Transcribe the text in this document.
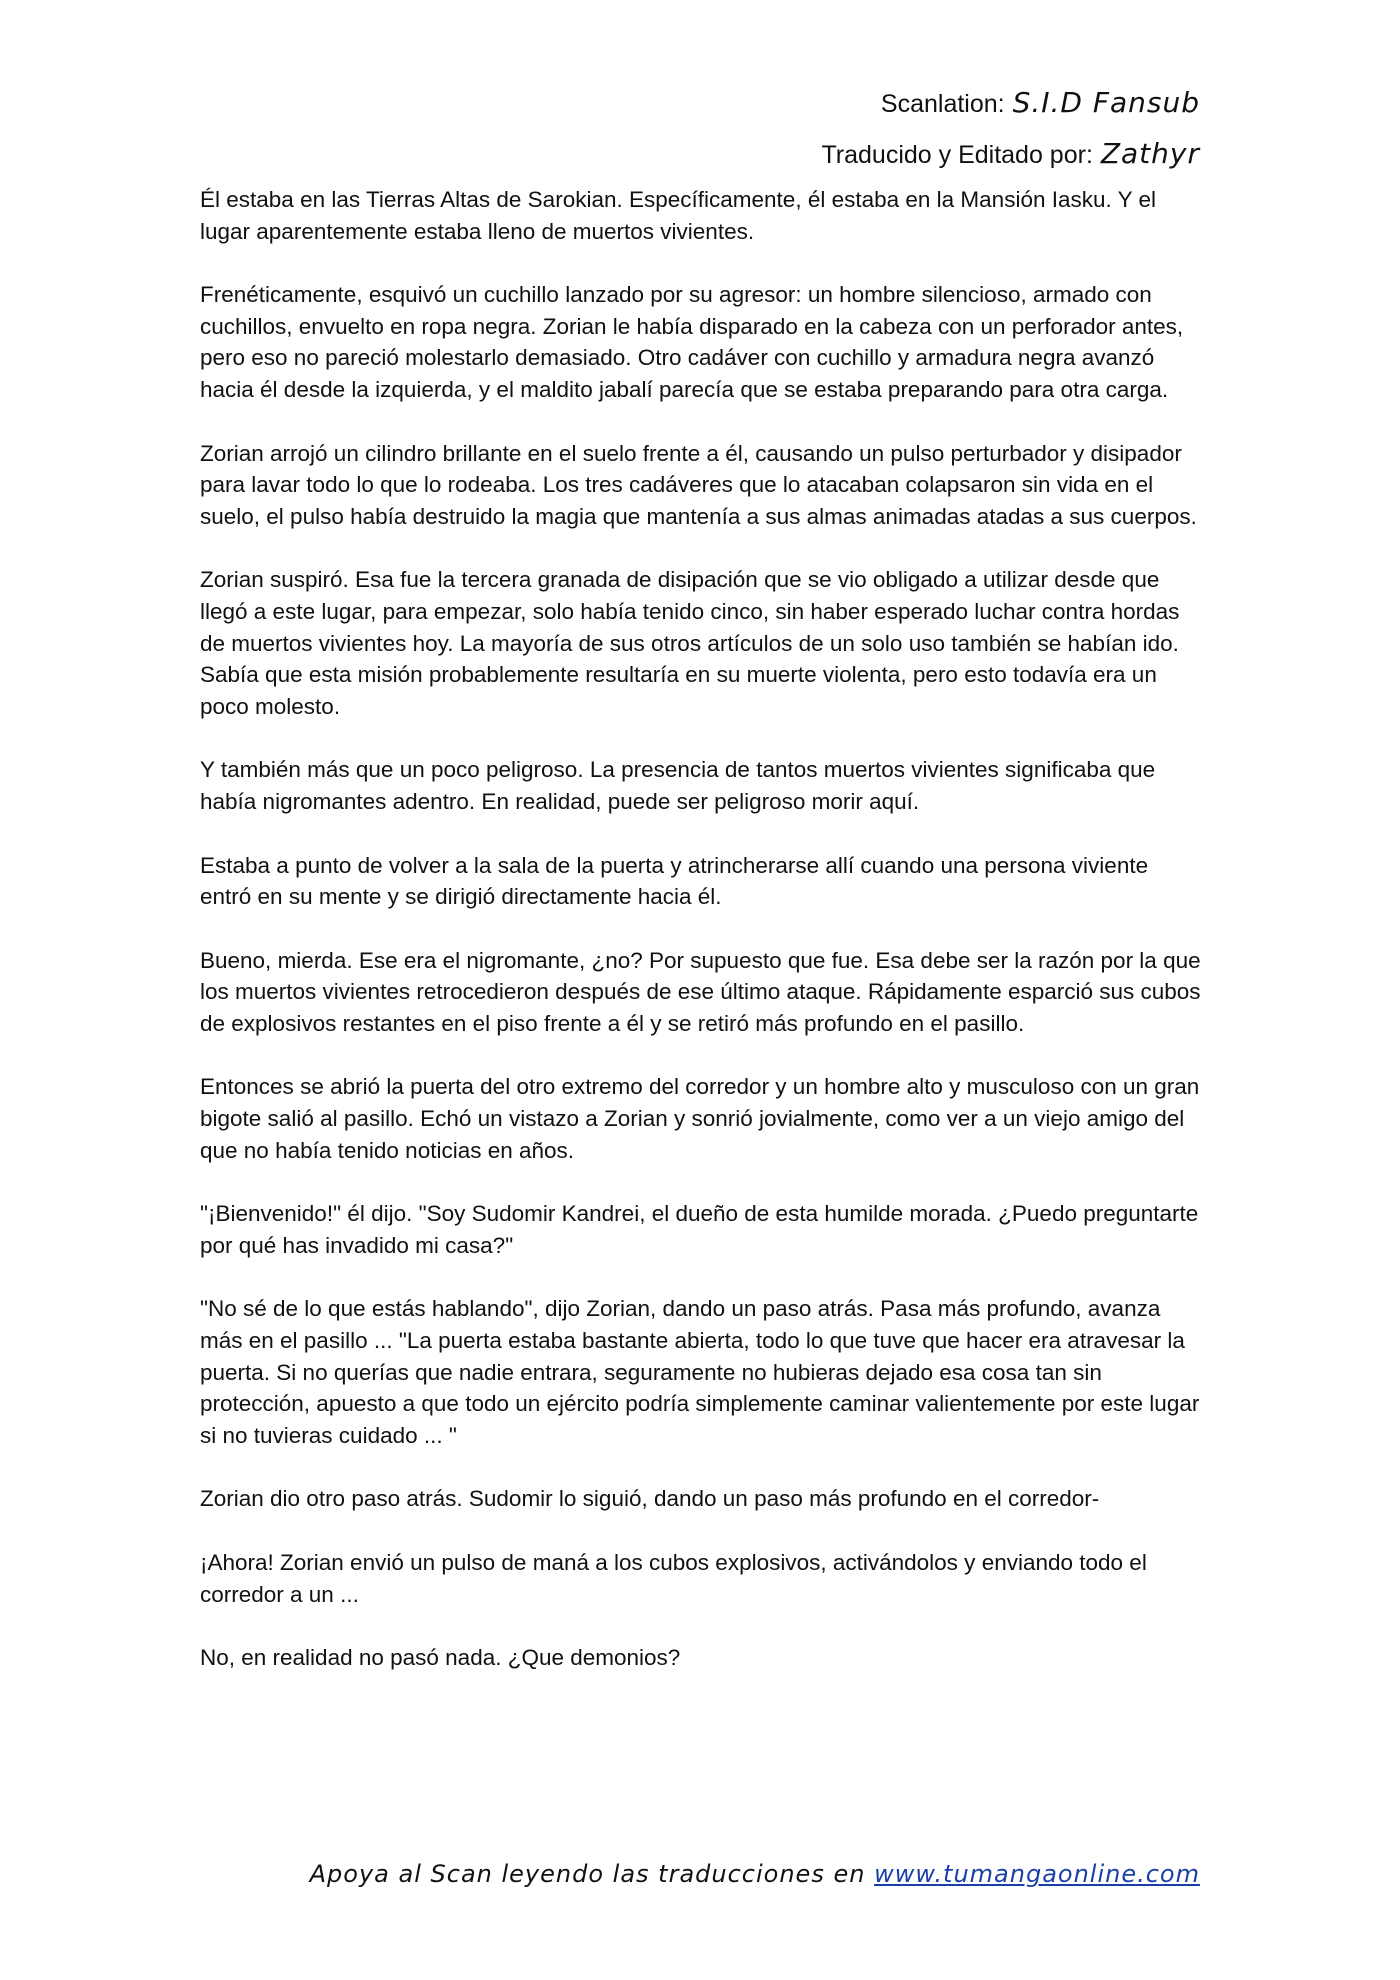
Scanlation: S.I.D Fansub
Traducido y Editado por: Zathyr

Él estaba en las Tierras Altas de Sarokian. Específicamente, él estaba en la Mansión Iasku. Y el lugar aparentemente estaba lleno de muertos vivientes.

Frenéticamente, esquivó un cuchillo lanzado por su agresor: un hombre silencioso, armado con cuchillos, envuelto en ropa negra. Zorian le había disparado en la cabeza con un perforador antes, pero eso no pareció molestarlo demasiado. Otro cadáver con cuchillo y armadura negra avanzó hacia él desde la izquierda, y el maldito jabalí parecía que se estaba preparando para otra carga.

Zorian arrojó un cilindro brillante en el suelo frente a él, causando un pulso perturbador y disipador para lavar todo lo que lo rodeaba. Los tres cadáveres que lo atacaban colapsaron sin vida en el suelo, el pulso había destruido la magia que mantenía a sus almas animadas atadas a sus cuerpos.

Zorian suspiró. Esa fue la tercera granada de disipación que se vio obligado a utilizar desde que llegó a este lugar, para empezar, solo había tenido cinco, sin haber esperado luchar contra hordas de muertos vivientes hoy. La mayoría de sus otros artículos de un solo uso también se habían ido. Sabía que esta misión probablemente resultaría en su muerte violenta, pero esto todavía era un poco molesto.

Y también más que un poco peligroso. La presencia de tantos muertos vivientes significaba que había nigromantes adentro. En realidad, puede ser peligroso morir aquí.

Estaba a punto de volver a la sala de la puerta y atrincherarse allí cuando una persona viviente entró en su mente y se dirigió directamente hacia él.

Bueno, mierda. Ese era el nigromante, ¿no? Por supuesto que fue. Esa debe ser la razón por la que los muertos vivientes retrocedieron después de ese último ataque. Rápidamente esparció sus cubos de explosivos restantes en el piso frente a él y se retiró más profundo en el pasillo.

Entonces se abrió la puerta del otro extremo del corredor y un hombre alto y musculoso con un gran bigote salió al pasillo. Echó un vistazo a Zorian y sonrió jovialmente, como ver a un viejo amigo del que no había tenido noticias en años.

"¡Bienvenido!" él dijo. "Soy Sudomir Kandrei, el dueño de esta humilde morada. ¿Puedo preguntarte por qué has invadido mi casa?"

"No sé de lo que estás hablando", dijo Zorian, dando un paso atrás. Pasa más profundo, avanza más en el pasillo ... "La puerta estaba bastante abierta, todo lo que tuve que hacer era atravesar la puerta. Si no querías que nadie entrara, seguramente no hubieras dejado esa cosa tan sin protección, apuesto a que todo un ejército podría simplemente caminar valientemente por este lugar si no tuvieras cuidado ... "

Zorian dio otro paso atrás. Sudomir lo siguió, dando un paso más profundo en el corredor-

¡Ahora! Zorian envió un pulso de maná a los cubos explosivos, activándolos y enviando todo el corredor a un ...

No, en realidad no pasó nada. ¿Que demonios?

Apoya al Scan leyendo las traducciones en www.tumangaonline.com
